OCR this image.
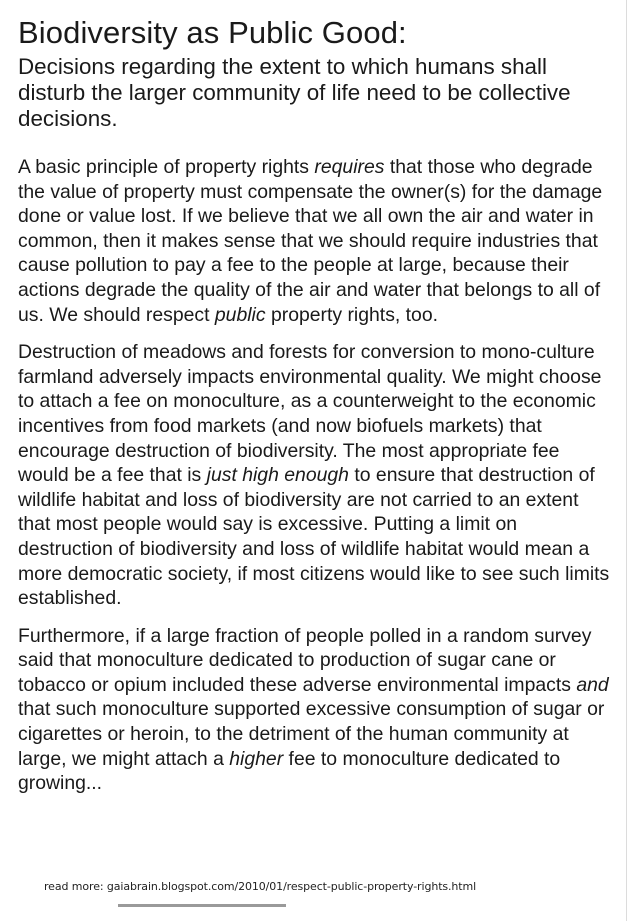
Biodiversity as Public Good:

Decisions regarding the extent to which humans shall disturb the larger community of life need to be collective decisions.

A basic principle of property rights requires that those who degrade the value of property must compensate the owner(s) for the damage done or value lost. If we believe that we all own the air and water in common, then it makes sense that we should require industries that cause pollution to pay a fee to the people at large, because their actions degrade the quality of the air and water that belongs to all of us. We should respect public property rights, too.

Destruction of meadows and forests for conversion to mono-culture farmland adversely impacts environmental quality. We might choose to attach a fee on monoculture, as a counterweight to the economic incentives from food markets (and now biofuels markets) that encourage destruction of biodiversity. The most appropriate fee would be a fee that is just high enough to ensure that destruction of wildlife habitat and loss of biodiversity are not carried to an extent that most people would say is excessive. Putting a limit on destruction of biodiversity and loss of wildlife habitat would mean a more democratic society, if most citizens would like to see such limits established.

Furthermore, if a large fraction of people polled in a random survey said that monoculture dedicated to production of sugar cane or tobacco or opium included these adverse environmental impacts and that such monoculture supported excessive consumption of sugar or cigarettes or heroin, to the detriment of the human community at large, we might attach a higher fee to monoculture dedicated to growing...

read more: gaiabrain.blogspot.com/2010/01/respect-public-property-rights.html
